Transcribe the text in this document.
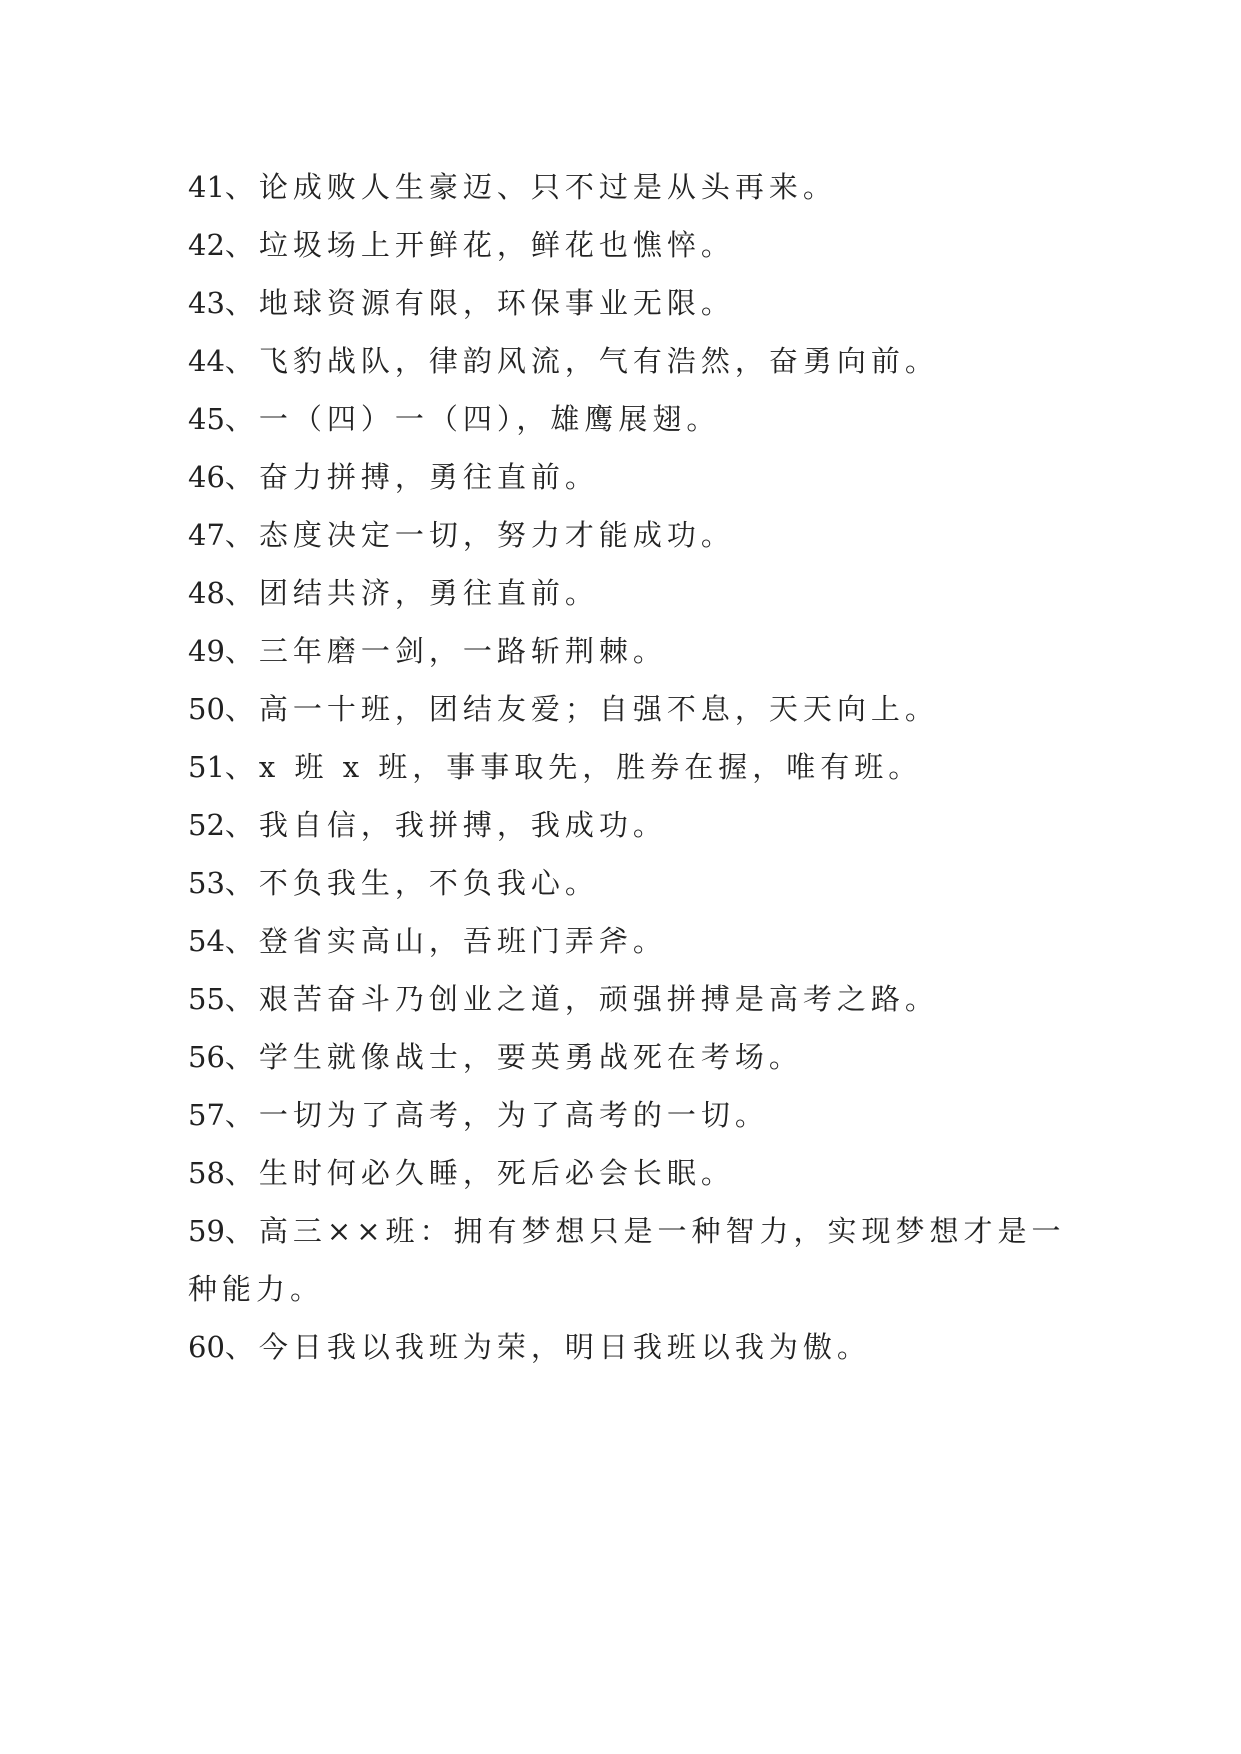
41、论成败人生豪迈、只不过是从头再来。

42、垃圾场上开鲜花，鲜花也憔悴。

43、地球资源有限，环保事业无限。

44、飞豹战队，律韵风流，气有浩然，奋勇向前。

45、一（四）一（四），雄鹰展翅。

46、奋力拼搏，勇往直前。

47、态度决定一切，努力才能成功。

48、团结共济，勇往直前。

49、三年磨一剑，一路斩荆棘。

50、高一十班，团结友爱；自强不息，天天向上。

51、x 班 x 班，事事取先，胜券在握，唯有班。

52、我自信，我拼搏，我成功。

53、不负我生，不负我心。

54、登省实高山，吾班门弄斧。

55、艰苦奋斗乃创业之道，顽强拼搏是高考之路。

56、学生就像战士，要英勇战死在考场。

57、一切为了高考，为了高考的一切。

58、生时何必久睡，死后必会长眠。

59、高三××班：拥有梦想只是一种智力，实现梦想才是一种能力。

60、今日我以我班为荣，明日我班以我为傲。
